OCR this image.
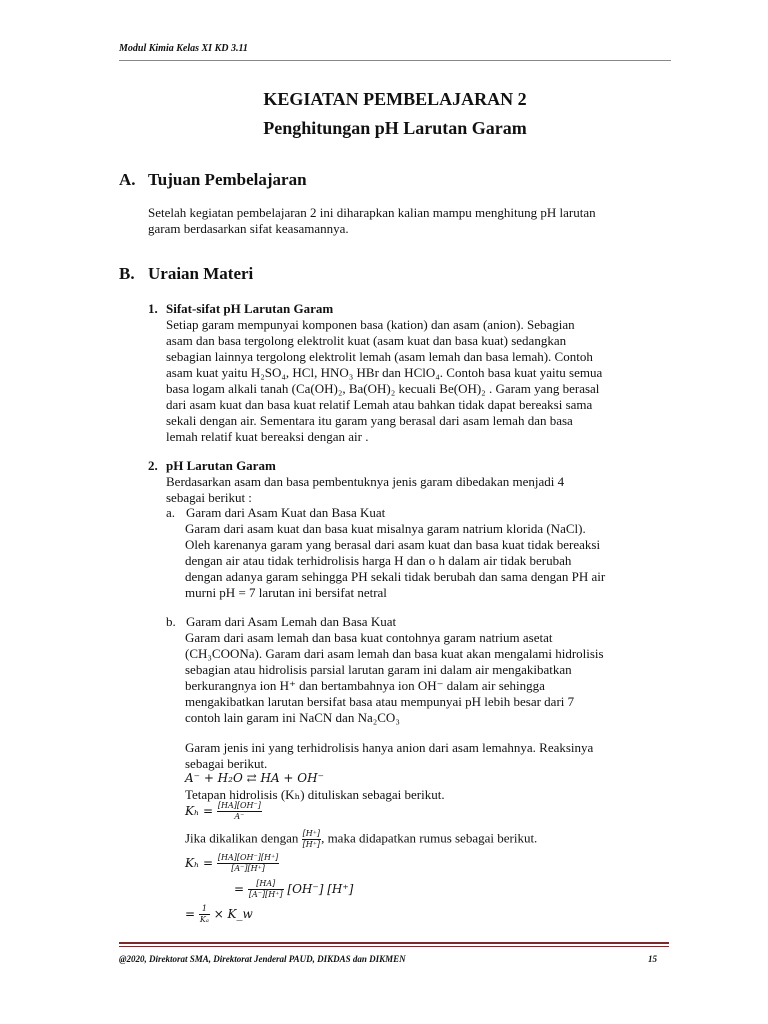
Modul Kimia Kelas XI KD 3.11
KEGIATAN PEMBELAJARAN 2
Penghitungan pH Larutan Garam
A. Tujuan Pembelajaran
Setelah kegiatan pembelajaran 2 ini diharapkan kalian mampu menghitung pH larutan
garam berdasarkan sifat keasamannya.
B. Uraian Materi
1. Sifat-sifat pH Larutan Garam
Setiap garam mempunyai komponen basa (kation) dan asam (anion). Sebagian
asam dan basa tergolong elektrolit kuat (asam kuat dan basa kuat) sedangkan
sebagian lainnya tergolong elektrolit lemah (asam lemah dan basa lemah). Contoh
asam kuat yaitu H₂SO₄, HCl, HNO₃ HBr dan HClO₄. Contoh basa kuat yaitu semua
basa logam alkali tanah (Ca(OH)₂, Ba(OH)₂ kecuali Be(OH)₂ . Garam yang berasal
dari asam kuat dan basa kuat relatif Lemah atau bahkan tidak dapat bereaksi sama
sekali dengan air. Sementara itu garam yang berasal dari asam lemah dan basa
lemah relatif kuat bereaksi dengan air .
2. pH Larutan Garam
Berdasarkan asam dan basa pembentuknya jenis garam dibedakan menjadi 4
sebagai berikut :
a. Garam dari Asam Kuat dan Basa Kuat
Garam dari asam kuat dan basa kuat misalnya garam natrium klorida (NaCl).
Oleh karenanya garam yang berasal dari asam kuat dan basa kuat tidak bereaksi
dengan air atau tidak terhidrolisis harga H dan o h dalam air tidak berubah
dengan adanya garam sehingga PH sekali tidak berubah dan sama dengan PH air
murni pH = 7 larutan ini bersifat netral
b. Garam dari Asam Lemah dan Basa Kuat
Garam dari asam lemah dan basa kuat contohnya garam natrium asetat
(CH₃COONa). Garam dari asam lemah dan basa kuat akan mengalami hidrolisis
sebagian atau hidrolisis parsial larutan garam ini dalam air mengakibatkan
berkurangnya ion H⁺ dan bertambahnya ion OH⁻ dalam air sehingga
mengakibatkan larutan bersifat basa atau mempunyai pH lebih besar dari 7
contoh lain garam ini NaCN dan Na₂CO₃
Garam jenis ini yang terhidrolisis hanya anion dari asam lemahnya. Reaksinya
sebagai berikut.
A⁻ + H₂O ⇄ HA + OH⁻
Tetapan hidrolisis (Kₕ) dituliskan sebagai berikut.
$K_h = \frac{[HA][OH^-]}{A^-}$
Jika dikalikan dengan $\frac{[H^+]}{[H^+]}$ , maka didapatkan rumus sebagai berikut.
$K_h = \frac{[HA][OH^-][H^+]}{[A^-][H^+]}$
= $\frac{[HA]}{[A^-][H^+]} [OH^-]$ [H⁺]
= $\frac{1}{\text{Kₐ}}$ × K_w
@2020, Direktorat SMA, Direktorat Jenderal PAUD, DIKDAS dan DIKMEN	15
